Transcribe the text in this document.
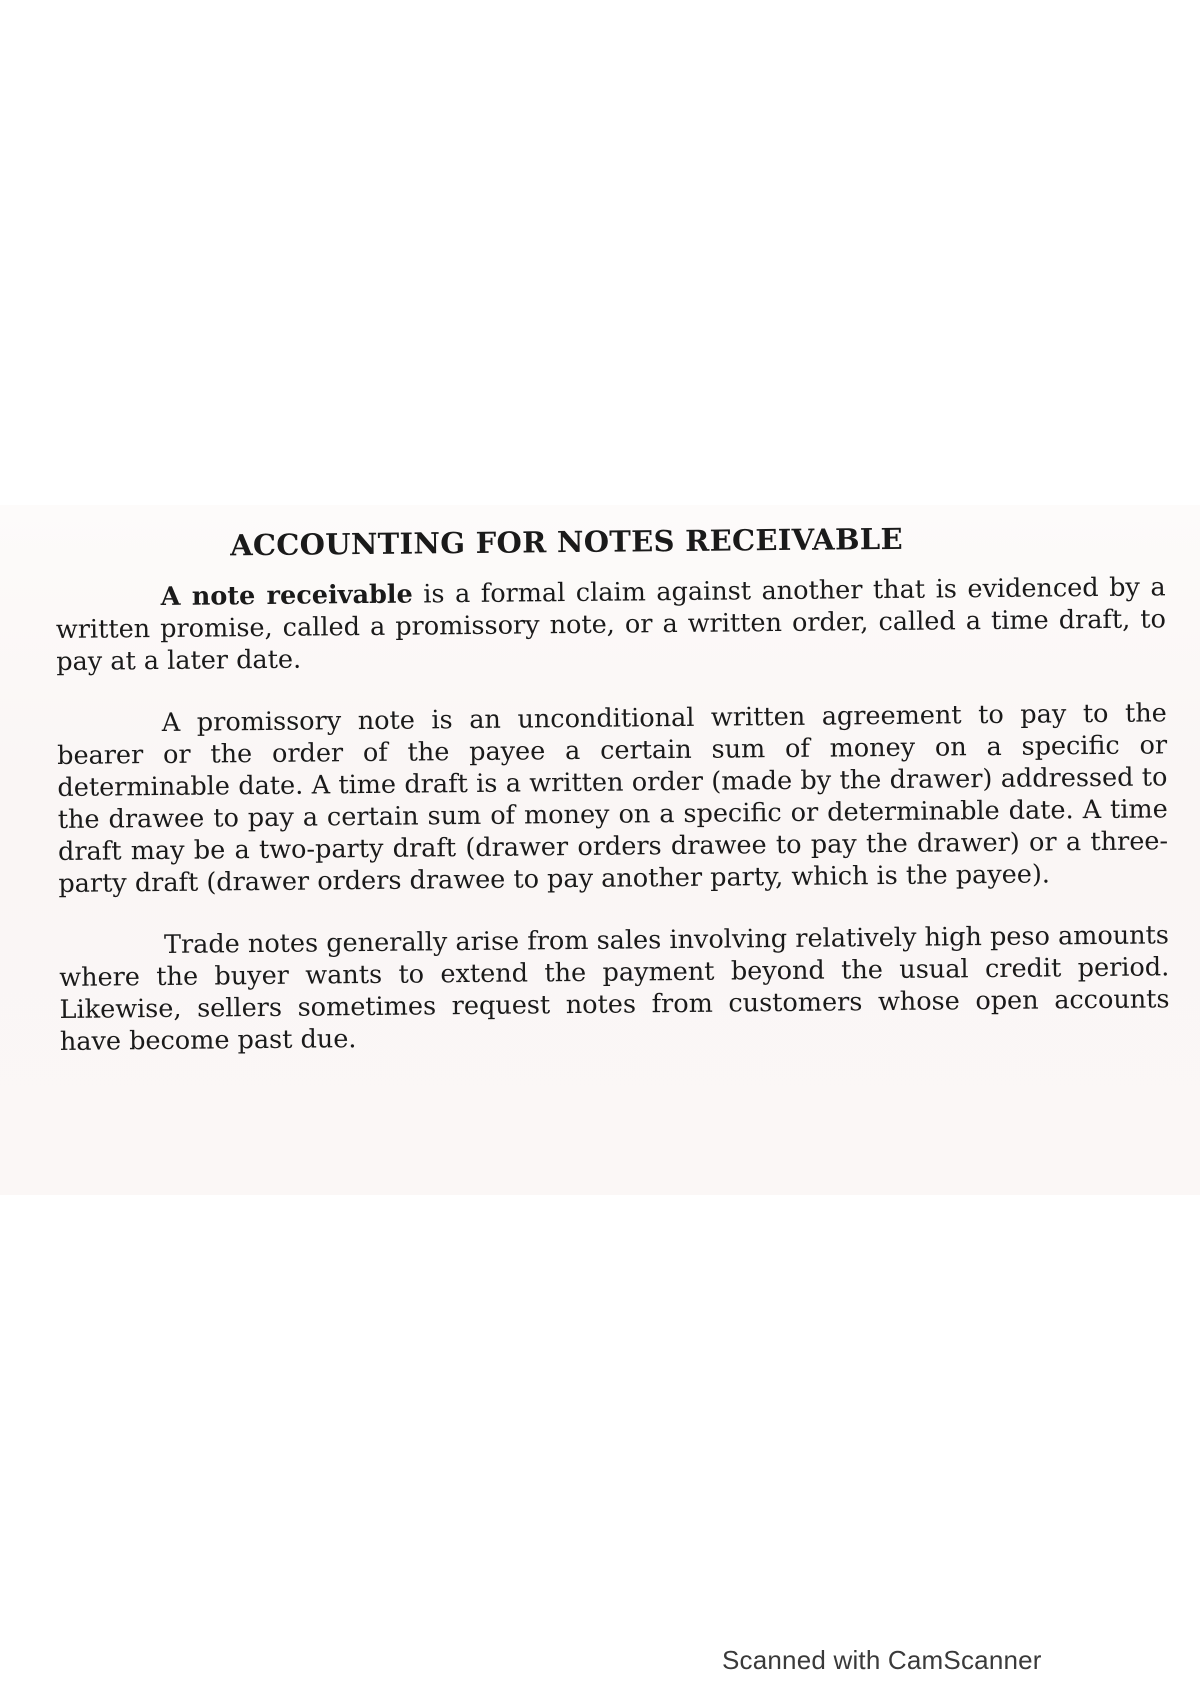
ACCOUNTING FOR NOTES RECEIVABLE

A note receivable is a formal claim against another that is evidenced by a written promise, called a promissory note, or a written order, called a time draft, to pay at a later date.

A promissory note is an unconditional written agreement to pay to the bearer or the order of the payee a certain sum of money on a specific or determinable date. A time draft is a written order (made by the drawer) addressed to the drawee to pay a certain sum of money on a specific or determinable date. A time draft may be a two-party draft (drawer orders drawee to pay the drawer) or a three-party draft (drawer orders drawee to pay another party, which is the payee).

Trade notes generally arise from sales involving relatively high peso amounts where the buyer wants to extend the payment beyond the usual credit period. Likewise, sellers sometimes request notes from customers whose open accounts have become past due.

Scanned with CamScanner
